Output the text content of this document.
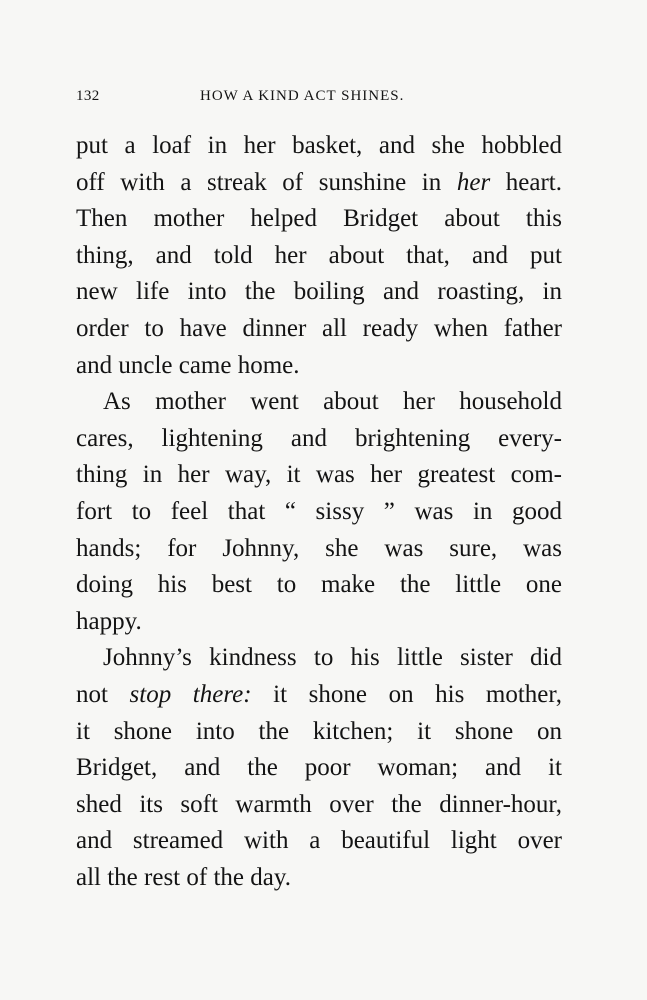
132	HOW A KIND ACT SHINES.
put a loaf in her basket, and she hobbled
off with a streak of sunshine in her heart.
Then mother helped Bridget about this
thing, and told her about that, and put
new life into the boiling and roasting, in
order to have dinner all ready when father
and uncle came home.
As mother went about her household
cares, lightening and brightening every-
thing in her way, it was her greatest com-
fort to feel that “ sissy ” was in good
hands; for Johnny, she was sure, was
doing his best to make the little one
happy.
Johnny’s kindness to his little sister did
not stop there: it shone on his mother,
it shone into the kitchen; it shone on
Bridget, and the poor woman; and it
shed its soft warmth over the dinner-hour,
and streamed with a beautiful light over
all the rest of the day.
